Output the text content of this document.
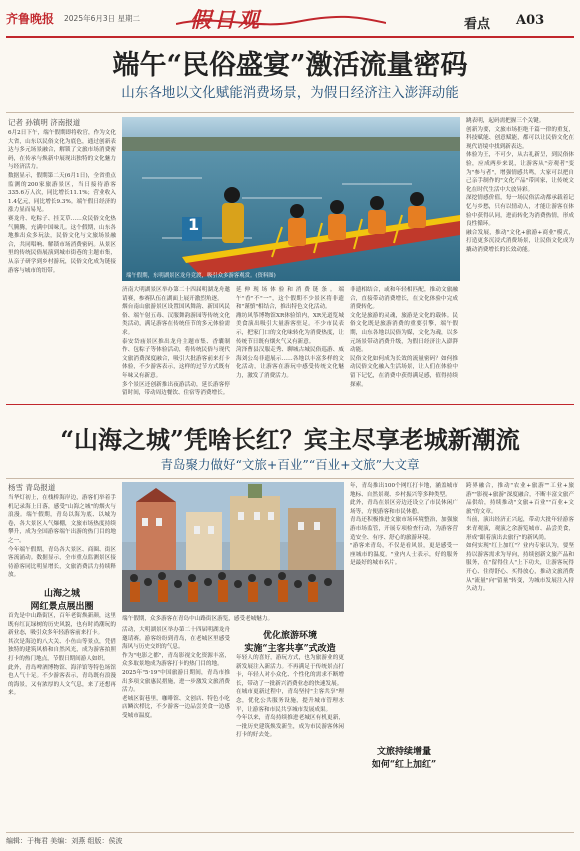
齐鲁晚报 2025年6月3日 星期二 假日观	看点 A03
端午“民俗盛宴”激活流量密码
山东各地以文化赋能消费场景，为假日经济注入澎湃动能
记者 孙镇明 济南报道
6月2日下午，端午假期即将收官，作为文化大省，山东以民俗文化为底色，通过创新表达与多元场景融合，解锁了文旅市场消费密码，在传承与焕新中展现出独特的文化魅力与经济活力。
数据显示，假期第二天(6月1日)，全省重点监测的200家旅游景区，当日接待游客335.6万人次，同比增长11.1%；营业收入1.4亿元，同比增长9.3%。端午假日经济的涨力显而易见。
赛龙舟、吃粽子、挂艾草……众民俗文化热气腾腾，充满中国味儿。这个假期，山东各地推出众多玩法，民俗文化与文旅场景融合，共同唱响、解锁市场消费密码。从景区里的传统民俗展演到城市街巷的主题市集，从亲子研学到乡村游玩，民俗文化成为链接游客与城市的纽带。
1
端午假期，东明湖景区龙舟竞渡，吸引众多游客观赏。(资料图)
跳表明，起码需把握三个关键。
创新为要，文旅市场拒绝千篇一律的重复，科技赋能、创意赋能，都可以让民俗文化在现代语境中找到新表达。
体验为王，不可少，从古礼新呈，到民俗体验，应成两步来说，让游客从"旁观者"变为"参与者"，增强情感共鸣，大家可以把自己亲手制作的"文化产品"带回家，让传统文化在时代生活中大放异彩。
深挖情感价值，每一场民俗活动都承载着记忆与乡愁，只有以情动人，才能让游客在体验中获得认同，进而转化为消费热情，形成良性循环。
融合发展，推动"文化+旅游+商业"模式，打造更多沉浸式消费场景，让民俗文化成为撬动消费增长的长效动能。
济南大明湖景区举办第二十四届明湖龙舟邀请赛，参赛队伍在湖面上展开激烈角逐。
烟台南山旅游景区设置国风舞韵、新国风民俗、端午射五毒、汉服舞韵游园等传统文化类活动，满足游客在传统佳节的多元体验需求。
泰安岱庙景区推出龙舟主题市集、香囊制作、包粽子等体验活动，将传统民俗与现代文旅消费深度融合，吸引大批游客前来打卡体验，不少游客表示，这样的过节方式既有年味又有新意。
多个景区还创新推出夜游活动，延长游客停留时间，带动周边餐饮、住宿等消费增长。
延伸现场体验和消费链条。端午"香"不"一"，这个假期不少景区将非遗和"谨慎"相结合，推出特色文化活动。
潍坊风筝博物馆XR体验馆内，XR光道览城美食演出吸引大量游客驻足。不少市民表示，把家门口的文化味转化为消费热度，让传统节日既有烟火气又有新意。
菏泽曹县汉服走秀、聊城古城民俗巡游、威海刘公岛非遗展示……各地以丰富多样的文化活动，让游客在游玩中感受传统文化魅力，激发了消费活力。
非遗相结合，或和年轻相匹配，推动文旅融合，直接带动消费增长，在文化体验中完成消费转化。
文化是旅游的灵魂，旅游是文化的载体。民俗文化既是旅游消费的重要引擎，端午假期，山东各地以民俗为媒，文化为魂，以多元场景带动消费升级，为假日经济注入澎湃动能。
民俗文化如何成为长效的流量密码？如何推动民俗文化融入生活场景，让人们在体验中留下记忆，在消费中获得满足感，值得持续探索。
“山海之城”凭啥长红？宾主尽享老城新潮流
青岛聚力做好“文旅+百业”“百业+文旅”大文章
杨雪 青岛报道
当华灯初上，在栈桥海岸边，游客们举着手机记录海上日落，感受"山海之城"的烟火与浪漫。端午假期，青岛以海为底、以城为卷，各大景区人气爆棚，文旅市场热度持续攀升，成为全国游客端午出游的热门目的地之一。
今年端午假期，青岛各大景区、商圈、街区客流涌动。数据显示，全市重点监测景区接待游客同比明显增长，文旅消费活力持续释放。
山海之城
网红景点展出圈
首先是中山路街区，百年老街焕新颜，这里既有红瓦绿树的历史风貌，也有时尚潮玩的新业态，吸引众多年轻游客前来打卡。
其次是海边的八大关、小鱼山等景点，凭借独特的建筑风格和自然风光，成为游客拍照打卡的热门地点，节假日期间游人如织。
此外，青岛啤酒博物馆、海洋馆等特色场馆也人气十足。不少游客表示，青岛既有浪漫的海景，又有浓厚的人文气息，来了还想再来。
端午假期，众多游客在青岛中山路街区游览，感受老城魅力。
活动，大明湖景区举办第二十四届明湖龙舟邀请赛。游客纷纷到青岛，在老城区里感受海风与历史交织的气息。
作为"电影之都"，青岛影视文化资源丰富，众多取景地成为游客打卡的热门目的地。
2025年"5·19"中国旅游日期间，青岛市推出多项文旅惠民措施，进一步激发文旅消费活力。
老城区街巷里，咖啡馆、文创店、特色小吃店鳞次栉比，不少游客一边品尝美食一边感受城市温度。
优化旅游环境
实施“主客共享”式改造
年轻人的喜好，游玩方式，也为旅游业的更新发展注入新活力。不再满足于传统景点打卡，年轻人对小众化、个性化的需求不断增长，带动了一批新兴消费业态的快速发展。
在城市更新过程中，青岛坚持"主客共享"理念，优化公共服务设施，提升城市管理水平，让游客和市民共享城市发展成果。
今年以来，青岛持续推进老城区有机更新，一批历史建筑焕发新生，成为市民游客休闲打卡的好去处。
年，青岛推出100个网红打卡地，涵盖城市地标、自然景观、乡村振兴等多种类型。
此外，青岛在景区旁边还设立了市民休闲广场等，方便游客和市民休憩。
青岛还积极推进文旅市场环境整治，加强旅游市场监管，开展专项检查行动，为游客营造安全、有序、舒心的旅游环境。
"游客来青岛，不仅是看风景，更是感受一座城市的温度。"业内人士表示，好的服务是最好的城市名片。
文旅持续增量
如何“红上加红”
跨界融合，推动"农业+旅游""工业+旅游""影视+旅游"深度融合，不断丰富文旅产品供给，持续推动"文旅+百业""百业+文旅"的文章。
当前，演出经济正兴起，带动大批年轻游客来青观演，观演之余游览城市、品尝美食，形成"跟着演出去旅行"的新风尚。
如何实现"红上加红"？业内专家认为，要坚持以游客需求为导向，持续创新文旅产品和服务，在"留得住人"上下功夫，让游客玩得开心、住得舒心、买得放心，推动文旅消费从"流量"向"留量"转变，为城市发展注入持久动力。
编辑：于梅君 美编：刘燕 组版：侯波
